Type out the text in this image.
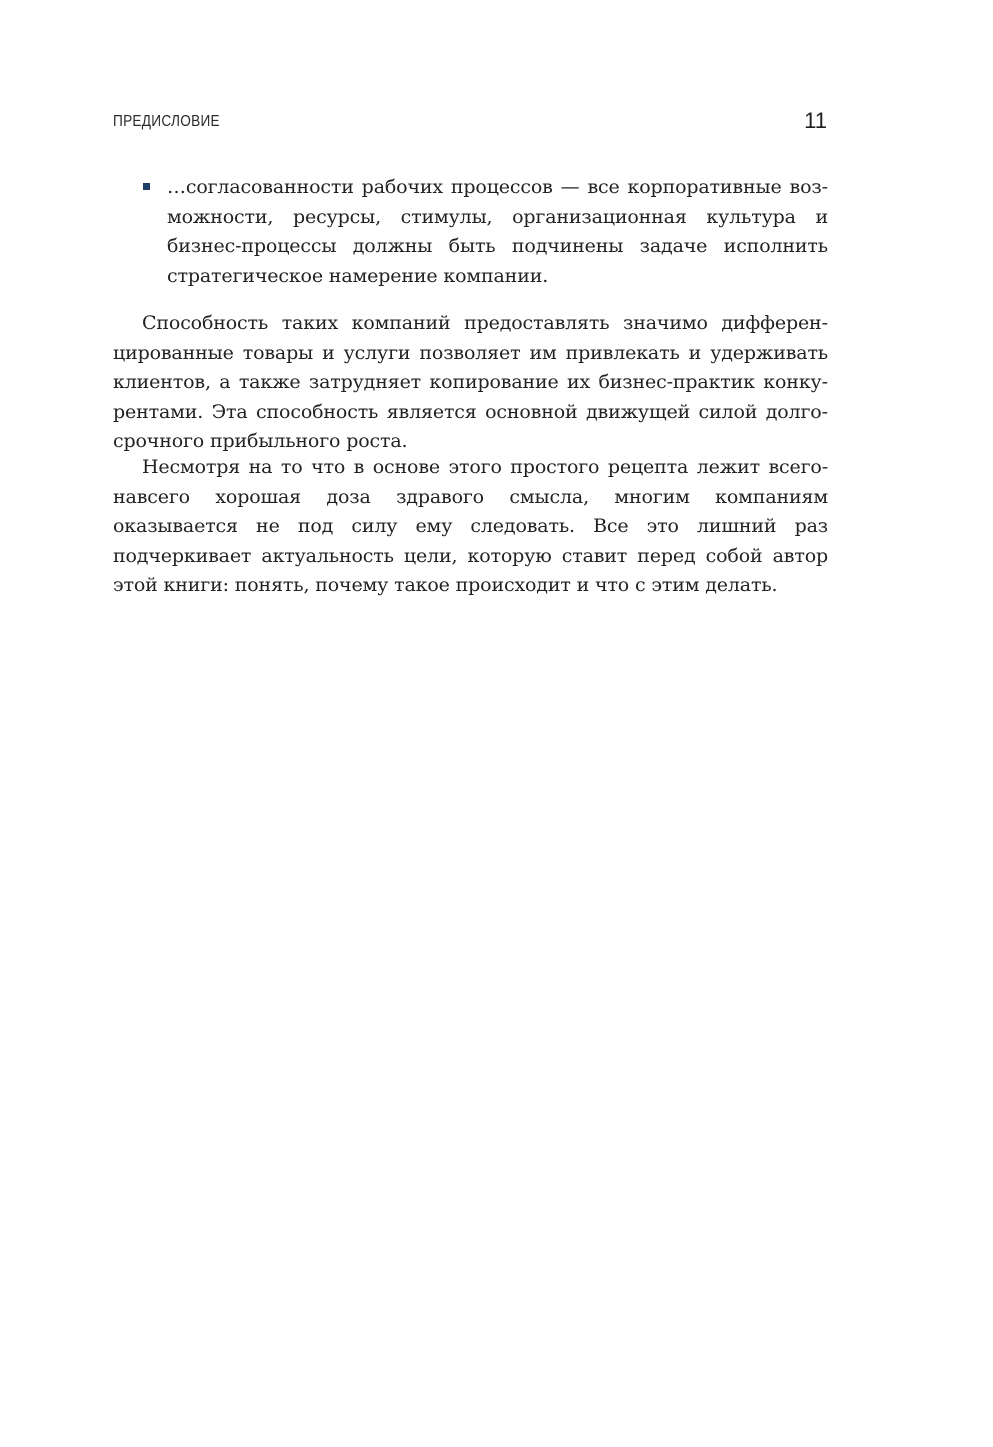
ПРЕДИСЛОВИЕ	11

…согласованности рабочих процессов — все корпоративные возможности, ресурсы, стимулы, организационная культура и бизнес-процессы должны быть подчинены задаче исполнить стратегическое намерение компании.

Способность таких компаний предоставлять значимо дифференцированные товары и услуги позволяет им привлекать и удерживать клиентов, а также затрудняет копирование их бизнес-практик конкурентами. Эта способность является основной движущей силой долгосрочного прибыльного роста.

Несмотря на то что в основе этого простого рецепта лежит всего-навсего хорошая доза здравого смысла, многим компаниям оказывается не под силу ему следовать. Все это лишний раз подчеркивает актуальность цели, которую ставит перед собой автор этой книги: понять, почему такое происходит и что с этим делать.
